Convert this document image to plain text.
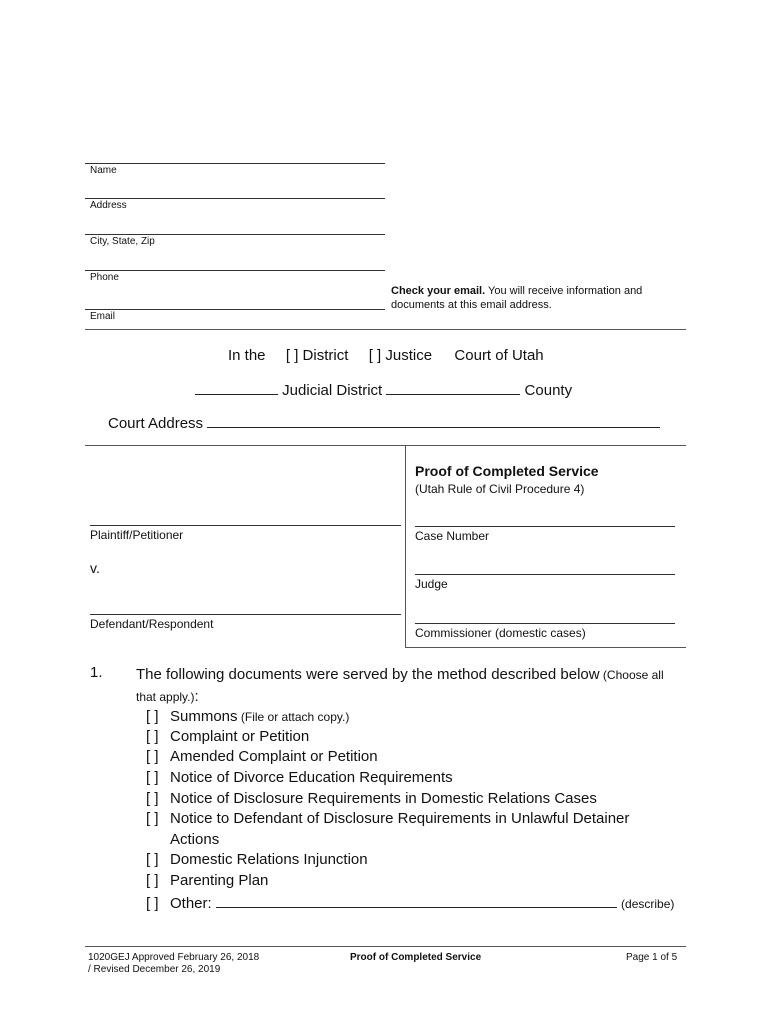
Name
Address
City, State, Zip
Phone
Email
Check your email. You will receive information and
documents at this email address.
In the [ ] District [ ] Justice Court of Utah
Judicial District	County
Court Address
Proof of Completed Service
(Utah Rule of Civil Procedure 4)
Plaintiff/Petitioner
v.
Defendant/Respondent
Case Number
Judge
Commissioner (domestic cases)
1. The following documents were served by the method described below (Choose all
that apply.):
[ ] Summons (File or attach copy.)
[ ] Complaint or Petition
[ ] Amended Complaint or Petition
[ ] Notice of Divorce Education Requirements
[ ] Notice of Disclosure Requirements in Domestic Relations Cases
[ ] Notice to Defendant of Disclosure Requirements in Unlawful Detainer
Actions
[ ] Domestic Relations Injunction
[ ] Parenting Plan
[ ] Other:	(describe)
1020GEJ Approved February 26, 2018
/ Revised December 26, 2019
Proof of Completed Service	Page 1 of 5
